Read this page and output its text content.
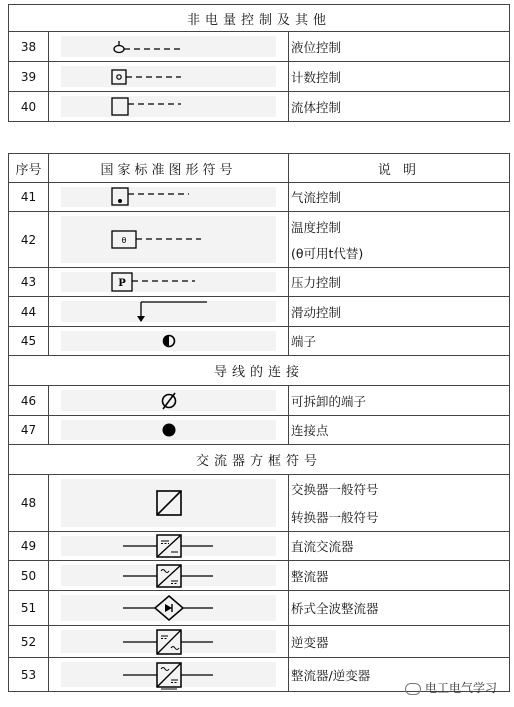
非电量控制及其他		
38		液位控制
39		计数控制
40		流体控制
序号	国家标准图形符号	说 明
41		气流控制
42	θ	温度控制
(θ可用t代替)

43	P	压力控制
44		滑动控制
45		端子
导线的连接		
46		可拆卸的端子
47		连接点
交流器方框符号		
48		交换器一般符号
转换器一般符号

49		直流交流器
50		整流器
51		桥式全波整流器
52		逆变器
53		整流器/逆变器
电工电气学习
